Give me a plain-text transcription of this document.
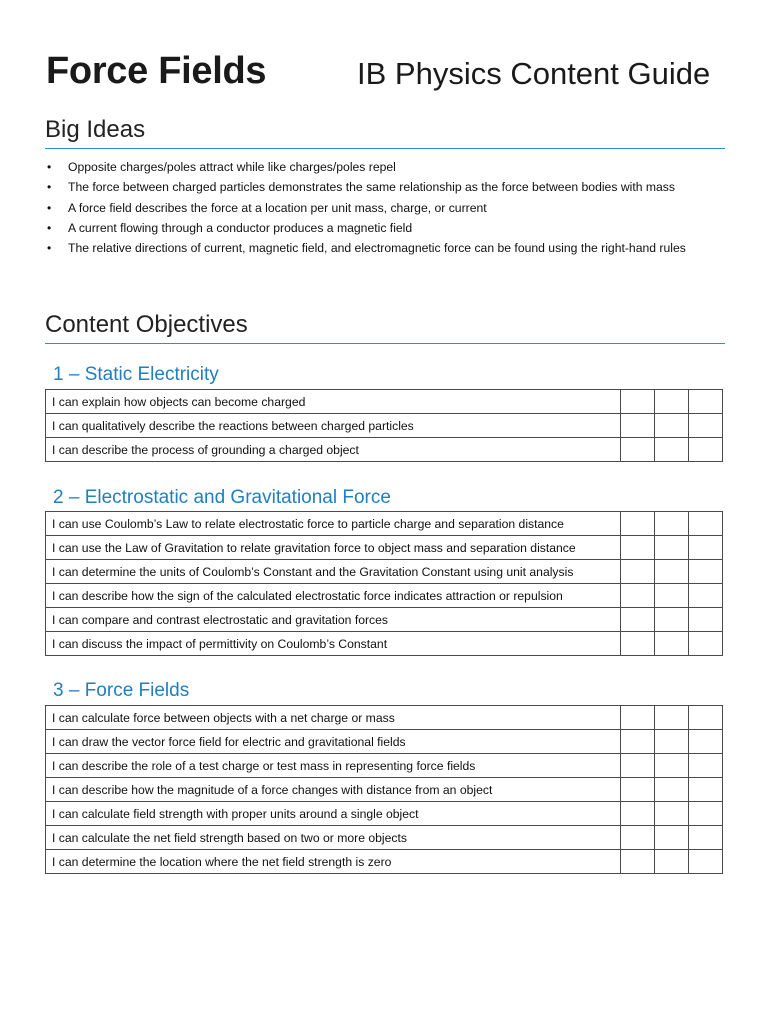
Force Fields	IB Physics Content Guide
Big Ideas
• Opposite charges/poles attract while like charges/poles repel
• The force between charged particles demonstrates the same relationship as the force between bodies with mass
• A force field describes the force at a location per unit mass, charge, or current
• A current flowing through a conductor produces a magnetic field
• The relative directions of current, magnetic field, and electromagnetic force can be found using the right-hand rules
Content Objectives
1 – Static Electricity
I can explain how objects can become charged			
I can qualitatively describe the reactions between charged particles			
I can describe the process of grounding a charged object			
2 – Electrostatic and Gravitational Force
I can use Coulomb’s Law to relate electrostatic force to particle charge and separation distance			
I can use the Law of Gravitation to relate gravitation force to object mass and separation distance			
I can determine the units of Coulomb’s Constant and the Gravitation Constant using unit analysis			
I can describe how the sign of the calculated electrostatic force indicates attraction or repulsion			
I can compare and contrast electrostatic and gravitation forces			
I can discuss the impact of permittivity on Coulomb’s Constant			
3 – Force Fields
I can calculate force between objects with a net charge or mass			
I can draw the vector force field for electric and gravitational fields			
I can describe the role of a test charge or test mass in representing force fields			
I can describe how the magnitude of a force changes with distance from an object			
I can calculate field strength with proper units around a single object			
I can calculate the net field strength based on two or more objects			
I can determine the location where the net field strength is zero			
